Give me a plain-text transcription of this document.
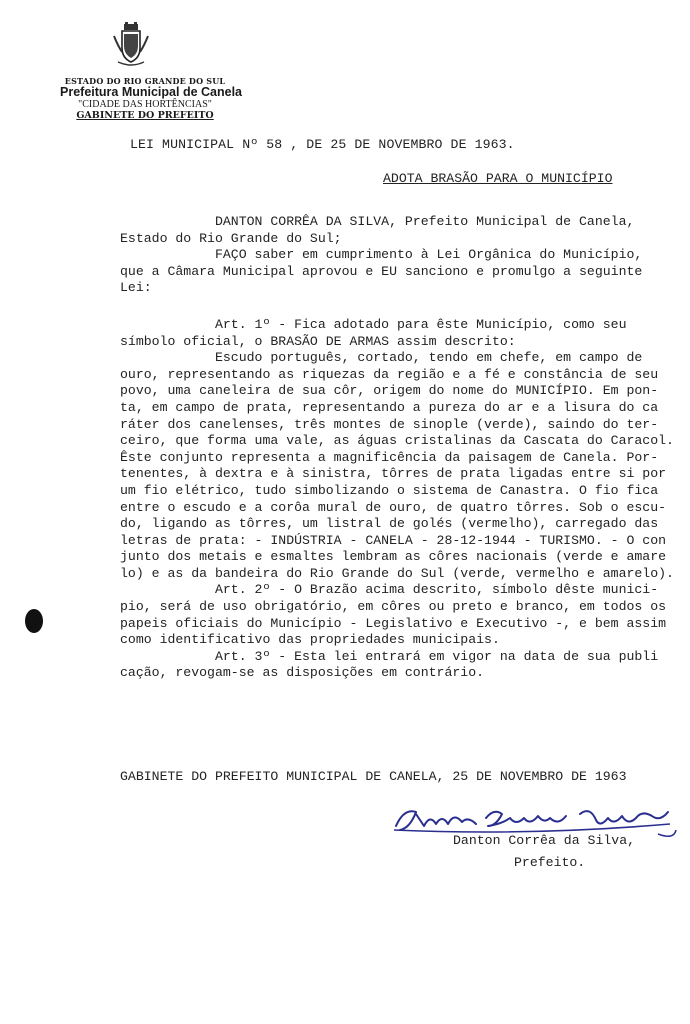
ESTADO DO RIO GRANDE DO SUL
Prefeitura Municipal de Canela
"CIDADE DAS HORTÊNCIAS"
GABINETE DO PREFEITO
LEI MUNICIPAL Nº 58 , DE 25 DE NOVEMBRO DE 1963.
ADOTA BRASÃO PARA O MUNICÍPIO
DANTON CORRÊA DA SILVA, Prefeito Municipal de Canela,
Estado do Rio Grande do Sul;
FAÇO saber em cumprimento à Lei Orgânica do Município,
que a Câmara Municipal aprovou e EU sanciono e promulgo a seguinte
Lei:
Art. 1º - Fica adotado para êste Município, como seu
símbolo oficial, o BRASÃO DE ARMAS assim descrito:
Escudo português, cortado, tendo em chefe, em campo de
ouro, representando as riquezas da região e a fé e constância de seu
povo, uma caneleira de sua côr, origem do nome do MUNICÍPIO. Em pon-
ta, em campo de prata, representando a pureza do ar e a lisura do ca
ráter dos canelenses, três montes de sinople (verde), saindo do ter-
ceiro, que forma uma vale, as águas cristalinas da Cascata do Caracol.
Êste conjunto representa a magnificência da paisagem de Canela. Por-
tenentes, à dextra e à sinistra, tôrres de prata ligadas entre si por
um fio elétrico, tudo simbolizando o sistema de Canastra. O fio fica
entre o escudo e a corôa mural de ouro, de quatro tôrres. Sob o escu-
do, ligando as tôrres, um listral de golés (vermelho), carregado das
letras de prata: - INDÚSTRIA - CANELA - 28-12-1944 - TURISMO. - O con
junto dos metais e esmaltes lembram as côres nacionais (verde e amare
lo) e as da bandeira do Rio Grande do Sul (verde, vermelho e amarelo).
Art. 2º - O Brazão acima descrito, símbolo dêste munici-
pio, será de uso obrigatório, em côres ou preto e branco, em todos os
papeis oficiais do Município - Legislativo e Executivo -, e bem assim
como identificativo das propriedades municipais.
Art. 3º - Esta lei entrará em vigor na data de sua publi
cação, revogam-se as disposições em contrário.
GABINETE DO PREFEITO MUNICIPAL DE CANELA, 25 DE NOVEMBRO DE 1963
Danton Corrêa da Silva,
Prefeito.
